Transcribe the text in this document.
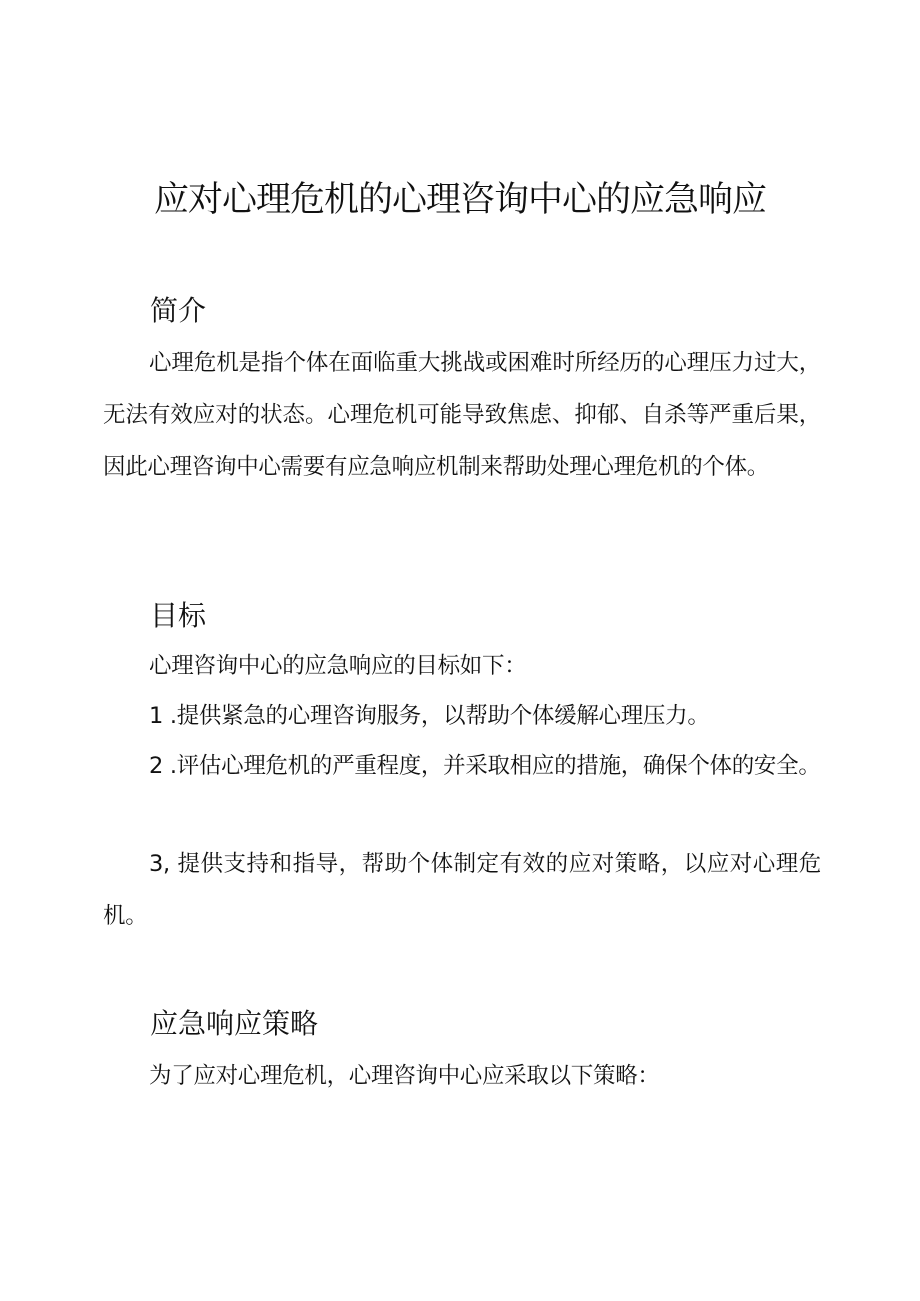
应对心理危机的心理咨询中心的应急响应
简介

心理危机是指个体在面临重大挑战或困难时所经历的心理压力过大，无法有效应对的状态。心理危机可能导致焦虑、抑郁、自杀等严重后果，因此心理咨询中心需要有应急响应机制来帮助处理心理危机的个体。

目标

心理咨询中心的应急响应的目标如下：

1 .提供紧急的心理咨询服务，以帮助个体缓解心理压力。

2 .评估心理危机的严重程度，并采取相应的措施，确保个体的安全。

3, 提供支持和指导，帮助个体制定有效的应对策略，以应对心理危机。

应急响应策略

为了应对心理危机，心理咨询中心应采取以下策略：
